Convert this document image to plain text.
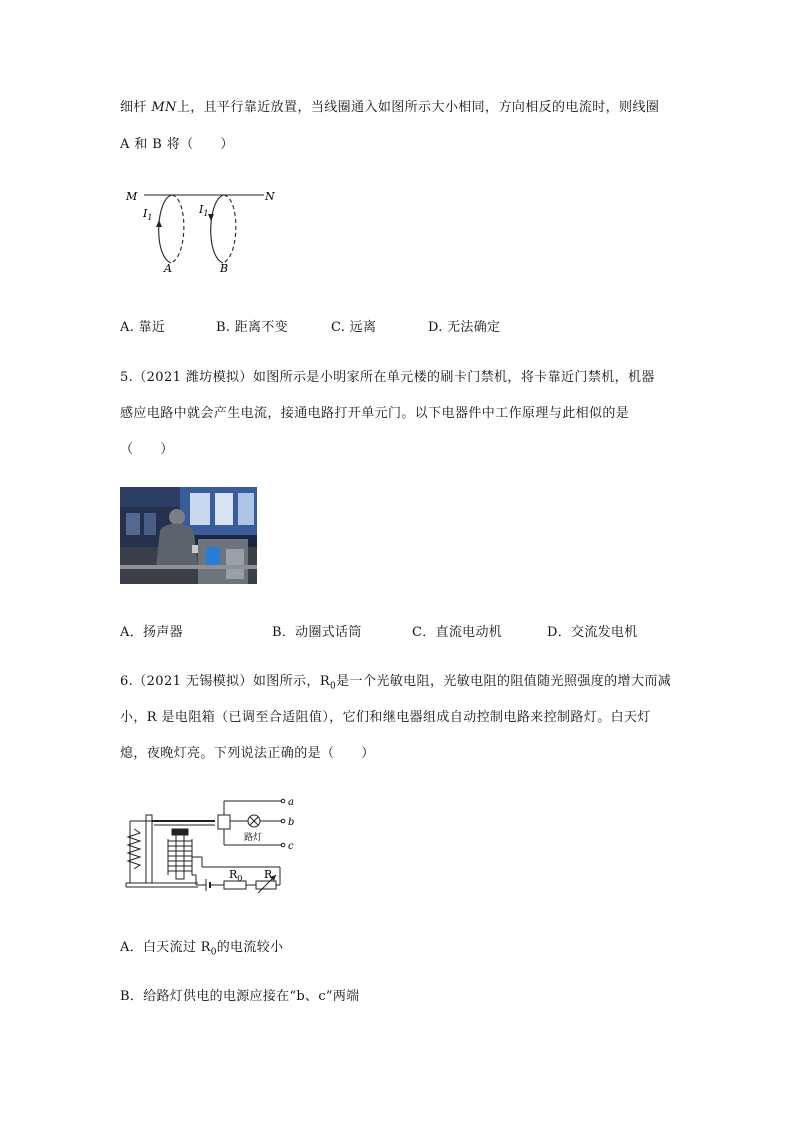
细杆 MN上，且平行靠近放置，当线圈通入如图所示大小相同，方向相反的电流时，则线圈
A 和 B 将（　　）
M	N
$I_1$
A
$I_1$
B
A. 靠近	B. 距离不变	C. 远离	D. 无法确定
5.（2021 潍坊模拟）如图所示是小明家所在单元楼的刷卡门禁机，将卡靠近门禁机，机器
感应电路中就会产生电流，接通电路打开单元门。以下电器件中工作原理与此相似的是
（　　）
A．扬声器	B．动圈式话筒	C．直流电动机	D．交流发电机
6.（2021 无锡模拟）如图所示，$R_0$是一个光敏电阻，光敏电阻的阻值随光照强度的增大而减
小，R 是电阻箱（已调至合适阻值），它们和继电器组成自动控制电路来控制路灯。白天灯
熄，夜晚灯亮。下列说法正确的是（　　）
a
b
c
路灯
$R_0$ R
A．白天流过 $R_0$的电流较小
B．给路灯供电的电源应接在“b、c”两端
